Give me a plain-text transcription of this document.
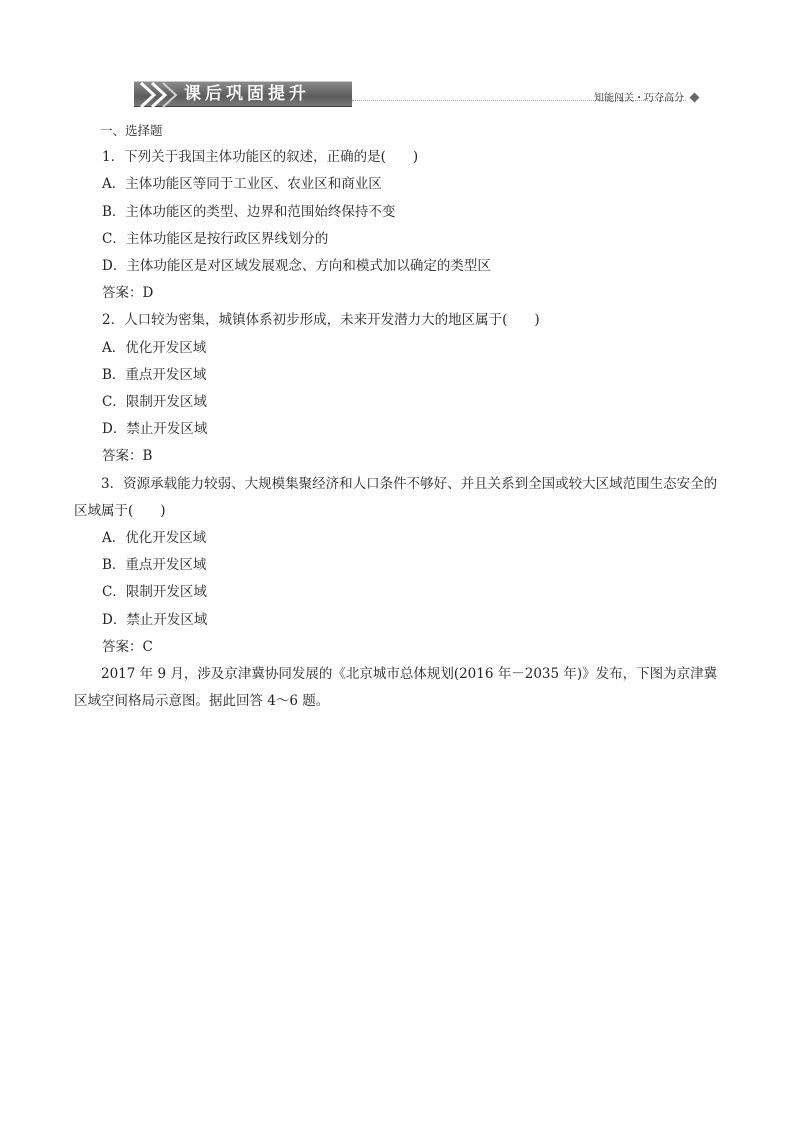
课后巩固提升	知能闯关・巧夺高分
一、选择题
1．下列关于我国主体功能区的叙述，正确的是(　　)
A．主体功能区等同于工业区、农业区和商业区
B．主体功能区的类型、边界和范围始终保持不变
C．主体功能区是按行政区界线划分的
D．主体功能区是对区域发展观念、方向和模式加以确定的类型区
答案：D
2．人口较为密集，城镇体系初步形成，未来开发潜力大的地区属于(　　)
A．优化开发区域
B．重点开发区域
C．限制开发区域
D．禁止开发区域
答案：B
3．资源承载能力较弱、大规模集聚经济和人口条件不够好、并且关系到全国或较大区域范围生态安全的区域属于(　　)
A．优化开发区域
B．重点开发区域
C．限制开发区域
D．禁止开发区域
答案：C
2017 年 9 月，涉及京津冀协同发展的《北京城市总体规划(2016 年－2035 年)》发布，下图为京津冀区域空间格局示意图。据此回答 4～6 题。
